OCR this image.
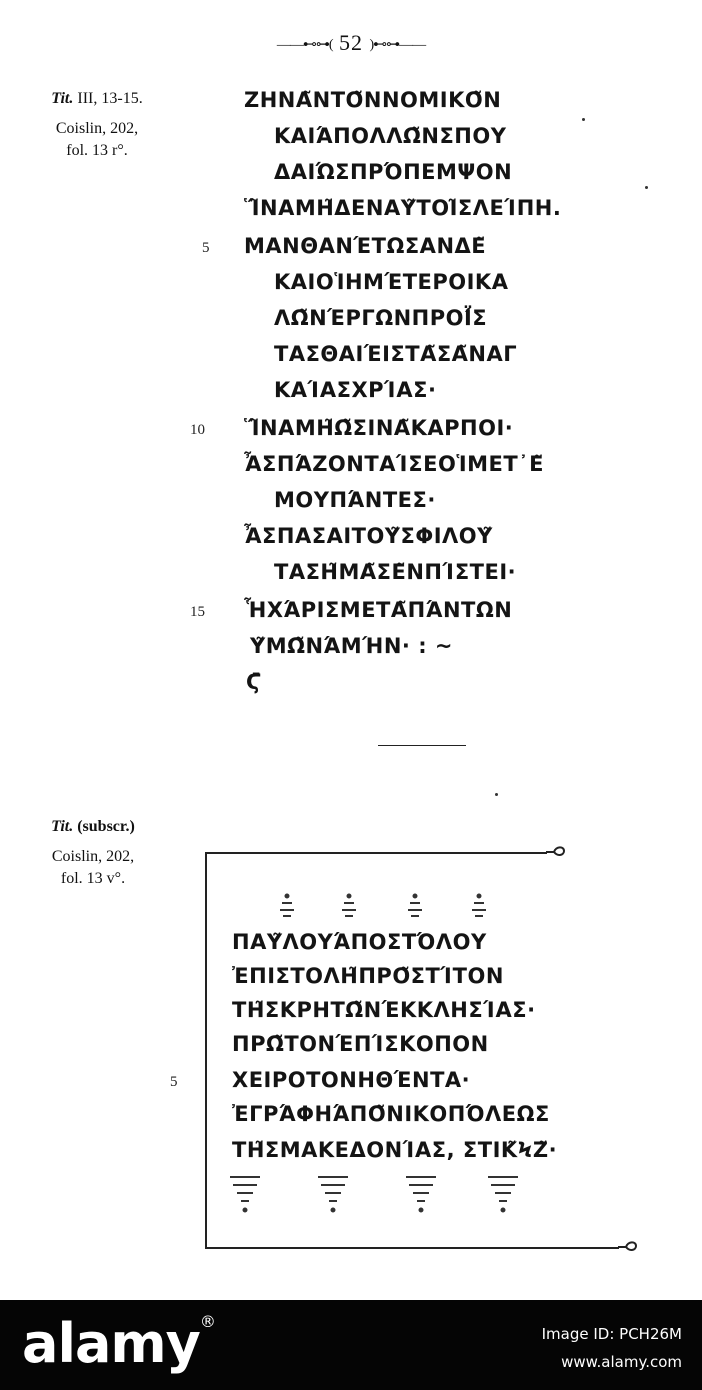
——⊷⊶( 52 )⊷⊶——
Tit. III, 13-15.
Coislin, 202,
fol. 13 r°.
ΖΗΝΑ͂ΝΤΟ͂ΝΝΟΜΙΚΟ͂Ν
ΚΑΙΆΠΟΛΛΩ͂ΝΣΠΟΥ
ΔΑΙΏΣΠΡΌΠΕΜΨΟΝ
Ἵ͂ΝΑΜΗ͂ΔΕΝΑΥ͂ΤΟΙ͂ΣΛΕΊΠΗ.
ΜΑΝΘΑΝΈΤΩΣΑΝΔΕ͂
ΚΑΙΟἹΗΜΈΤΕΡΟΙΚΑ
ΛΩ͂ΝΈΡΓΩΝΠΡΟΪ́Σ
ΤΑΣΘΑΙΈΙΣΤΑ͂ΣΑ͂ΝΑΓ
ΚΑΊΑΣΧΡΊΑΣ·
Ἵ͂ΝΑΜΗ͂Ω͂ΣΙΝΑ͂ΚΑΡΠΟΙ·
ἎΣΠΆΖΟΝΤΑΊΣΕΟἹΜΕΤ᾿Ε͂
ΜΟΥΠΆΝΤΕΣ·
ἎΣΠΑΣΑΙΤΟΥ͂ΣΦΙΛΟΥ͂
ΤΑΣΗ͂ΜΑ͂ΣΕ͂ΝΠΊΣΤΕΙ·
ἯΧΆΡΙΣΜΕΤΑ͂ΠΆΝΤΩΝ
Υ͂ΜΩ͂ΝΆΜΉΝ· : ~
Ϛ̄
5
10
15
Tit. (subscr.)
Coislin, 202,
fol. 13 v°.
ΠΑΥ͂ΛΟΥΆΠΟΣΤΌΛΟΥ
ἘΠΙΣΤΟΛΗ͂ΠΡΟ͂ΣΤΊΤΟΝ
ΤΗ͂ΣΚΡΗΤΩ͂ΝΈΚΚΛΗΣΊΑΣ·
ΠΡΩ͂ΤΟΝΈΠΊΣΚΟΠΟΝ
ΧΕΙΡΟΤΟΝΗΘΈΝΤΑ·
ἘΓΡΆΦΗΆΠΟ͂ΝΙΚΟΠΌΛΕΩΣ
ΤΗ͂ΣΜΑΚΕΔΟΝΊΑΣ, ΣΤΙΚ͂ϞΖ͂·
5
alamy®
Image ID: PCH26M
www.alamy.com
